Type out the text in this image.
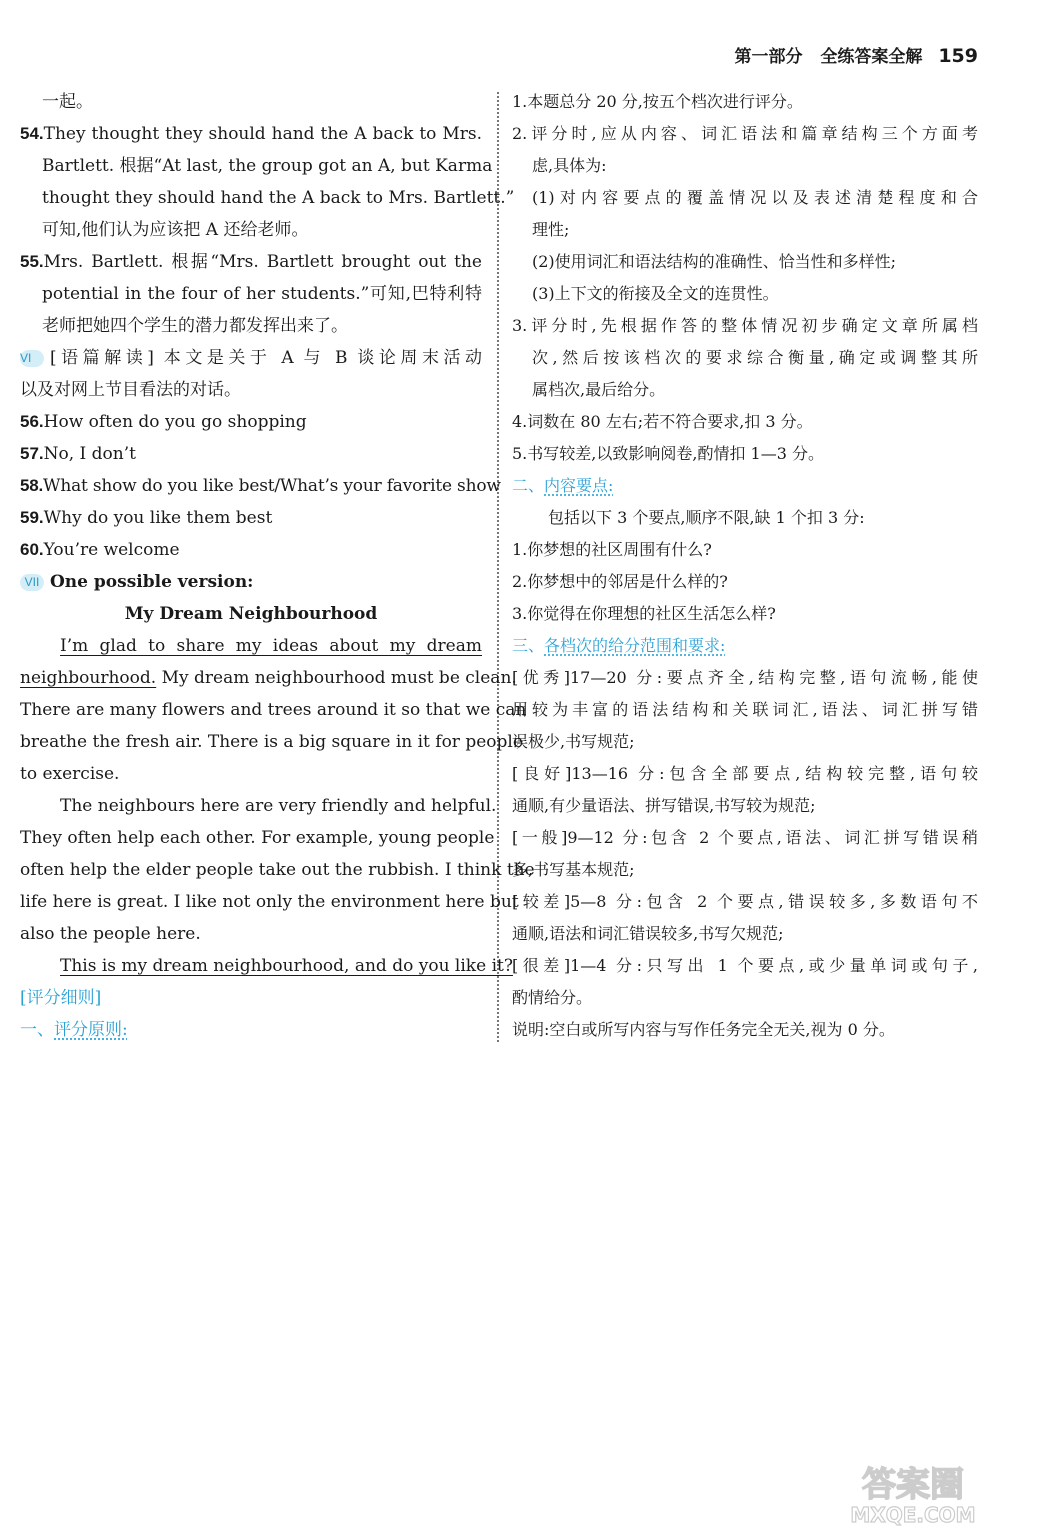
第一部分 全练答案全解 159
一起。
54.They thought they should hand the A back to Mrs.
Bartlett. 根据“At last, the group got an A, but Karma
thought they should hand the A back to Mrs. Bartlett.”
可知,他们认为应该把 A 还给老师。
55.Mrs. Bartlett. 根据“Mrs. Bartlett brought out the
potential in the four of her students.”可知,巴特利特
老师把她四个学生的潜力都发挥出来了。
VI [语篇解读] 本文是关于 A 与 B 谈论周末活动
以及对网上节目看法的对话。
56.How often do you go shopping
57.No, I don’t
58.What show do you like best/What’s your favorite show
59.Why do you like them best
60.You’re welcome
VII One possible version:
My Dream Neighbourhood
I’m glad to share my ideas about my dream
neighbourhood. My dream neighbourhood must be clean.
There are many flowers and trees around it so that we can
breathe the fresh air. There is a big square in it for people
to exercise.
The neighbours here are very friendly and helpful.
They often help each other. For example, young people
often help the elder people take out the rubbish. I think the
life here is great. I like not only the environment here but
also the people here.
This is my dream neighbourhood, and do you like it?
[评分细则]
一、评分原则:
1.本题总分 20 分,按五个档次进行评分。
2.评分时,应从内容、词汇语法和篇章结构三个方面考
虑,具体为:
(1)对内容要点的覆盖情况以及表述清楚程度和合
理性;
(2)使用词汇和语法结构的准确性、恰当性和多样性;
(3)上下文的衔接及全文的连贯性。
3.评分时,先根据作答的整体情况初步确定文章所属档
次,然后按该档次的要求综合衡量,确定或调整其所
属档次,最后给分。
4.词数在 80 左右;若不符合要求,扣 3 分。
5.书写较差,以致影响阅卷,酌情扣 1—3 分。
二、内容要点:
包括以下 3 个要点,顺序不限,缺 1 个扣 3 分:
1.你梦想的社区周围有什么?
2.你梦想中的邻居是什么样的?
3.你觉得在你理想的社区生活怎么样?
三、各档次的给分范围和要求:
[优秀]17—20 分:要点齐全,结构完整,语句流畅,能使
用较为丰富的语法结构和关联词汇,语法、词汇拼写错
误极少,书写规范;
[良好]13—16 分:包含全部要点,结构较完整,语句较
通顺,有少量语法、拼写错误,书写较为规范;
[一般]9—12 分:包含 2 个要点,语法、词汇拼写错误稍
多,书写基本规范;
[较差]5—8 分:包含 2 个要点,错误较多,多数语句不
通顺,语法和词汇错误较多,书写欠规范;
[很差]1—4 分:只写出 1 个要点,或少量单词或句子,
酌情给分。
说明:空白或所写内容与写作任务完全无关,视为 0 分。
答案圈
MXQE.COM
